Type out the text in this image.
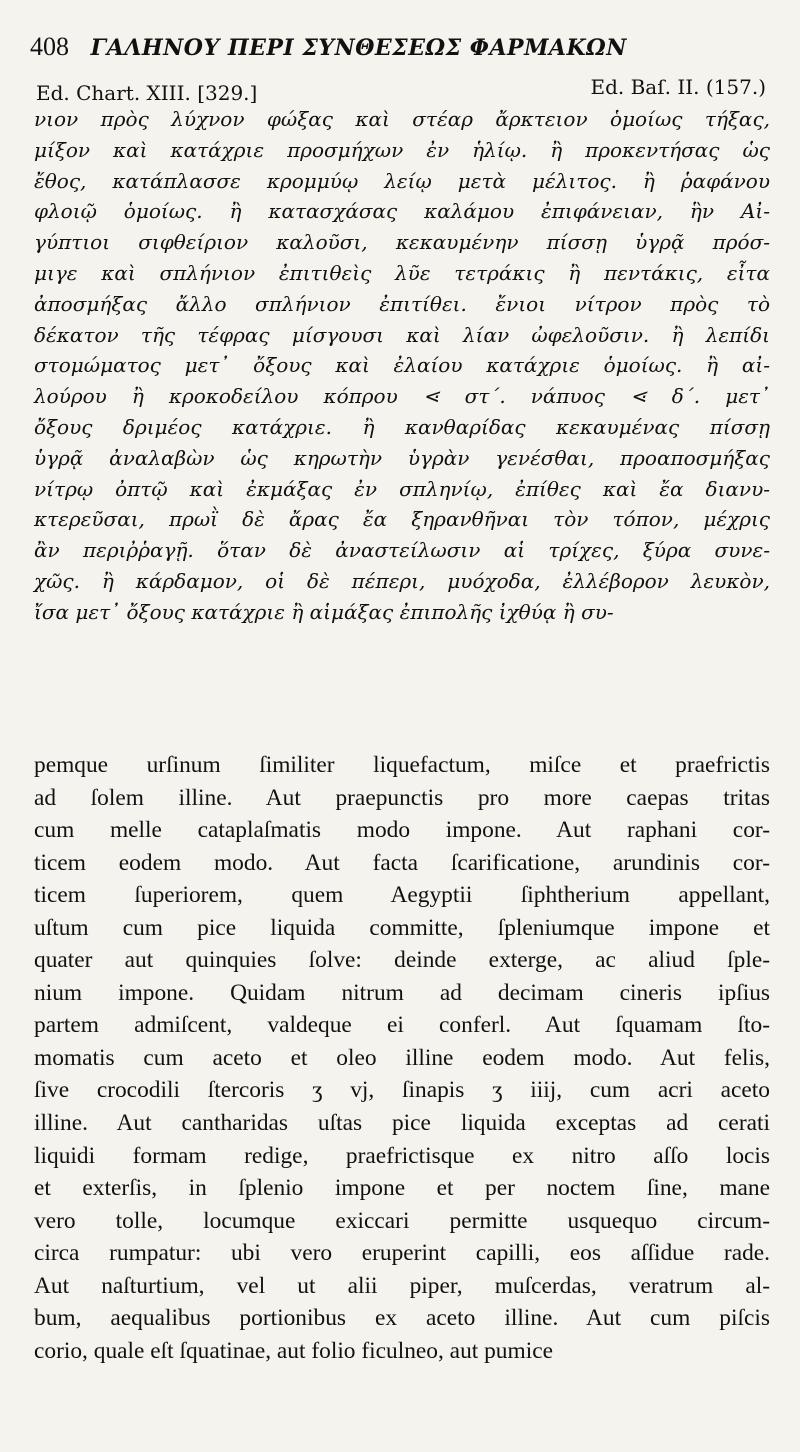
408 ΓΑΛΗΝΟΥ ΠΕΡΙ ΣΥΝΘΕΣΕΩΣ ΦΑΡΜΑΚΩΝ
Ed. Chart. XIII. [329.]	Ed. Baſ. II. (157.)
νιον πρὸς λύχνον φώξας καὶ στέαρ ἄρκτειον ὁμοίως τήξας,
μίξον καὶ κατάχριε προσμήχων ἐν ἡλίῳ. ἢ προκεντήσας ὡς
ἔθος, κατάπλασσε κρομμύῳ λείῳ μετὰ μέλιτος. ἢ ῥαφάνου
φλοιῷ ὁμοίως. ἢ κατασχάσας καλάμου ἐπιφάνειαν, ἣν Αἰ-
γύπτιοι σιφθείριον καλοῦσι, κεκαυμένην πίσσῃ ὑγρᾷ πρόσ-
μιγε καὶ σπλήνιον ἐπιτιθεὶς λῦε τετράκις ἢ πεντάκις, εἶτα
ἀποσμήξας ἄλλο σπλήνιον ἐπιτίθει. ἔνιοι νίτρον πρὸς τὸ
δέκατον τῆς τέφρας μίσγουσι καὶ λίαν ὠφελοῦσιν. ἢ λεπίδι
στομώματος μετ᾽ ὄξους καὶ ἐλαίου κατάχριε ὁμοίως. ἢ αἰ-
λούρου ἢ κροκοδείλου κόπρου ⋖ στ΄. νάπυος ⋖ δ΄. μετ᾽
ὄξους δριμέος κατάχριε. ἢ κανθαρίδας κεκαυμένας πίσσῃ
ὑγρᾷ ἀναλαβὼν ὡς κηρωτὴν ὑγρὰν γενέσθαι, προαποσμήξας
νίτρῳ ὀπτῷ καὶ ἐκμάξας ἐν σπληνίῳ, ἐπίθες καὶ ἔα διανυ-
κτερεῦσαι, πρωῒ δὲ ἄρας ἔα ξηρανθῆναι τὸν τόπον, μέχρις
ἂν περιῤῥαγῇ. ὅταν δὲ ἀναστείλωσιν αἱ τρίχες, ξύρα συνε-
χῶς. ἢ κάρδαμον, οἱ δὲ πέπερι, μυόχοδα, ἐλλέβορον λευκὸν,
ἴσα μετ᾽ ὄξους κατάχριε ἢ αἱμάξας ἐπιπολῆς ἰχθύᾳ ἢ συ-
pemque urſinum ſimiliter liquefactum, miſce et praefrictis
ad ſolem illine. Aut praepunctis pro more caepas tritas
cum melle cataplaſmatis modo impone. Aut raphani cor-
ticem eodem modo. Aut facta ſcarificatione, arundinis cor-
ticem ſuperiorem, quem Aegyptii ſiphtherium appellant,
uſtum cum pice liquida committe, ſpleniumque impone et
quater aut quinquies ſolve: deinde exterge, ac aliud ſple-
nium impone. Quidam nitrum ad decimam cineris ipſius
partem admiſcent, valdeque ei conferl. Aut ſquamam ſto-
momatis cum aceto et oleo illine eodem modo. Aut felis,
ſive crocodili ſtercoris ʒ vj, ſinapis ʒ iiij, cum acri aceto
illine. Aut cantharidas uſtas pice liquida exceptas ad cerati
liquidi formam redige, praefrictisque ex nitro aſſo locis
et exterſis, in ſplenio impone et per noctem ſine, mane
vero tolle, locumque exiccari permitte usquequo circum-
circa rumpatur: ubi vero eruperint capilli, eos aſſidue rade.
Aut naſturtium, vel ut alii piper, muſcerdas, veratrum al-
bum, aequalibus portionibus ex aceto illine. Aut cum piſcis
corio, quale eſt ſquatinae, aut folio ficulneo, aut pumice
